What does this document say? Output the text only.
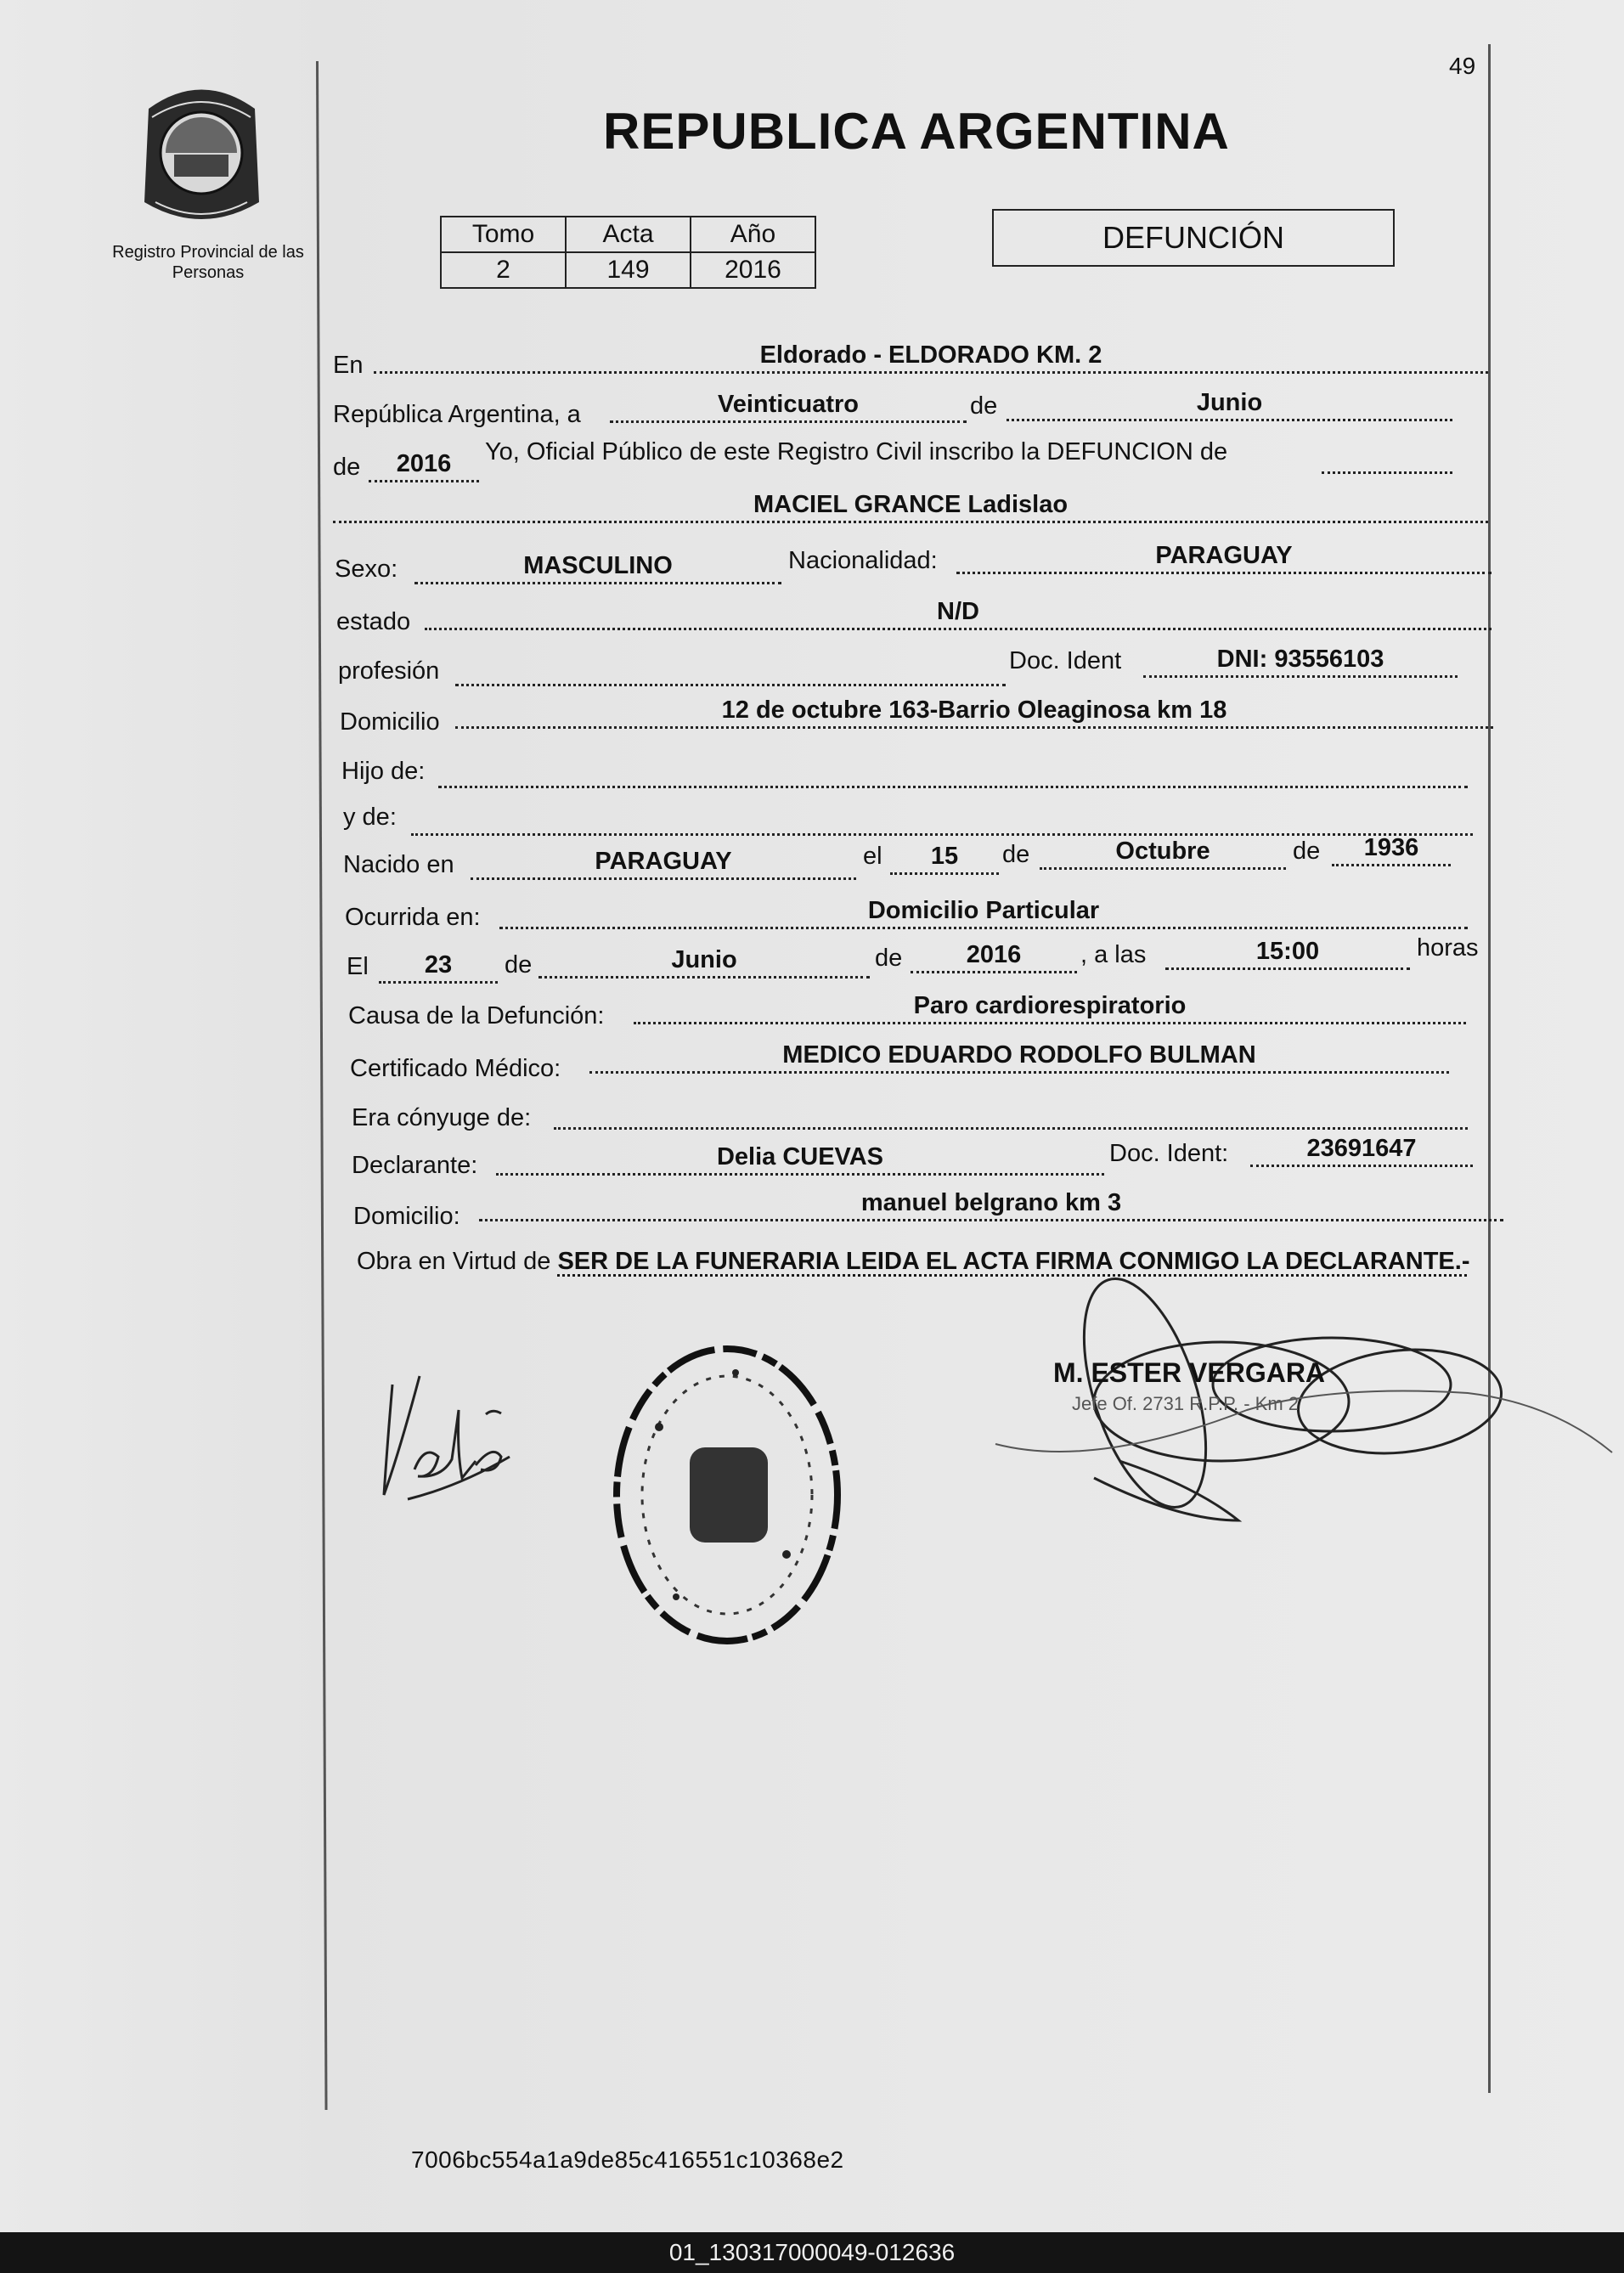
49
Registro Provincial de las Personas
REPUBLICA ARGENTINA
Tomo	Acta	Año
2	149	2016
DEFUNCIÓN
En	Eldorado - ELDORADO KM. 2
República Argentina, a	Veinticuatro	de	Junio
de	2016	Yo, Oficial Público de este Registro Civil inscribo la DEFUNCION de
MACIEL GRANCE Ladislao
Sexo:	MASCULINO	Nacionalidad:	PARAGUAY
estado	N/D
profesión	Doc. Ident	DNI: 93556103
Domicilio	12 de octubre 163-Barrio Oleaginosa km 18
Hijo de:
y de:
Nacido en	PARAGUAY	el	15	de	Octubre	de	1936
Ocurrida en:	Domicilio Particular
El	23	de	Junio	de	2016	, a las	15:00	horas
Causa de la Defunción:	Paro cardiorespiratorio
Certificado Médico:	MEDICO EDUARDO RODOLFO BULMAN
Era cónyuge de:
Declarante:	Delia CUEVAS	Doc. Ident:	23691647
Domicilio:	manuel belgrano km 3
Obra en Virtud de SER DE LA FUNERARIA LEIDA EL ACTA FIRMA CONMIGO LA DECLARANTE.-
M. ESTER VERGARA
Jefe Of. 2731 R.P.P. - Km 2
7006bc554a1a9de85c416551c10368e2
01_130317000049-012636
